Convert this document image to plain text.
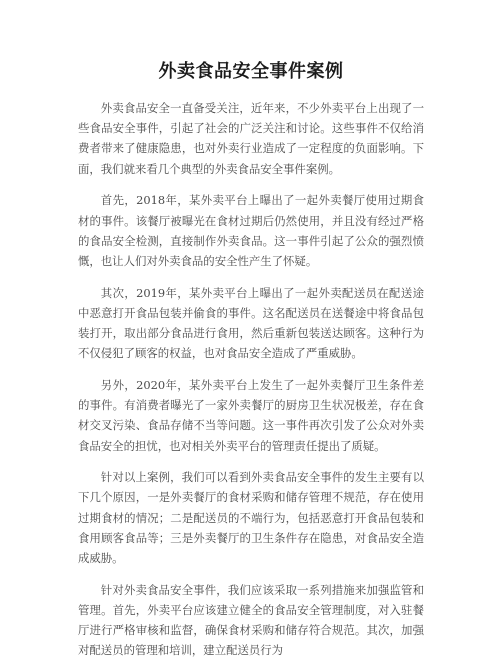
外卖食品安全事件案例

外卖食品安全一直备受关注，近年来，不少外卖平台上出现了一些食品安全事件，引起了社会的广泛关注和讨论。这些事件不仅给消费者带来了健康隐患，也对外卖行业造成了一定程度的负面影响。下面，我们就来看几个典型的外卖食品安全事件案例。

首先，2018年，某外卖平台上曝出了一起外卖餐厅使用过期食材的事件。该餐厅被曝光在食材过期后仍然使用，并且没有经过严格的食品安全检测，直接制作外卖食品。这一事件引起了公众的强烈愤慨，也让人们对外卖食品的安全性产生了怀疑。

其次，2019年，某外卖平台上曝出了一起外卖配送员在配送途中恶意打开食品包装并偷食的事件。这名配送员在送餐途中将食品包装打开，取出部分食品进行食用，然后重新包装送达顾客。这种行为不仅侵犯了顾客的权益，也对食品安全造成了严重威胁。

另外，2020年，某外卖平台上发生了一起外卖餐厅卫生条件差的事件。有消费者曝光了一家外卖餐厅的厨房卫生状况极差，存在食材交叉污染、食品存储不当等问题。这一事件再次引发了公众对外卖食品安全的担忧，也对相关外卖平台的管理责任提出了质疑。

针对以上案例，我们可以看到外卖食品安全事件的发生主要有以下几个原因，一是外卖餐厅的食材采购和储存管理不规范，存在使用过期食材的情况；二是配送员的不端行为，包括恶意打开食品包装和食用顾客食品等；三是外卖餐厅的卫生条件存在隐患，对食品安全造成威胁。

针对外卖食品安全事件，我们应该采取一系列措施来加强监管和管理。首先，外卖平台应该建立健全的食品安全管理制度，对入驻餐厅进行严格审核和监督，确保食材采购和储存符合规范。其次，加强对配送员的管理和培训，建立配送员行为
